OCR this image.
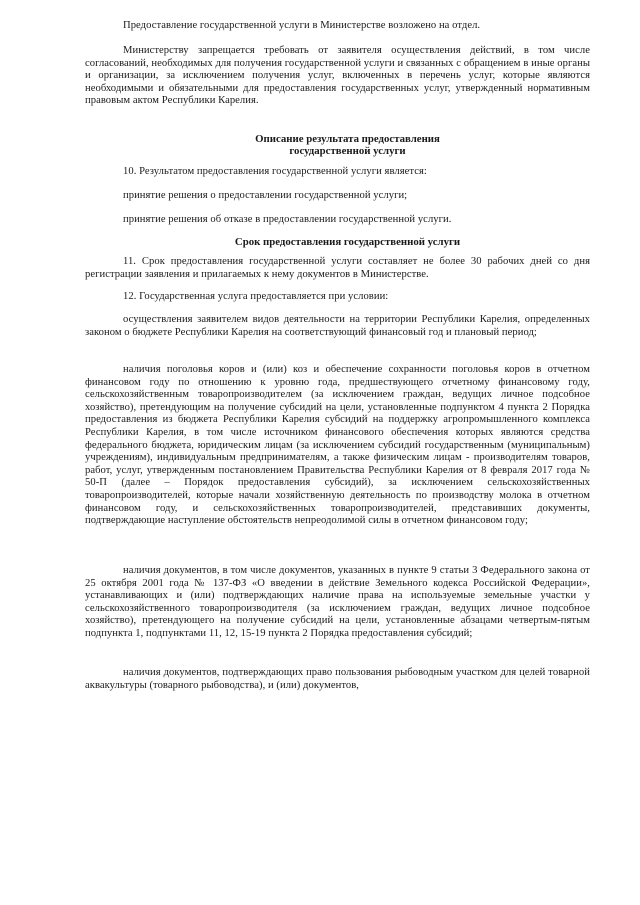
Предоставление государственной услуги в Министерстве возложено на отдел.

Министерству запрещается требовать от заявителя осуществления действий, в том числе согласований, необходимых для получения государственной услуги и связанных с обращением в иные органы и организации, за исключением получения услуг, включенных в перечень услуг, которые являются необходимыми и обязательными для предоставления государственных услуг, утвержденный нормативным правовым актом Республики Карелия.

Описание результата предоставления

государственной услуги

10. Результатом предоставления государственной услуги является:

принятие решения о предоставлении государственной услуги;

принятие решения об отказе в предоставлении государственной услуги.

Срок предоставления государственной услуги

11. Срок предоставления государственной услуги составляет не более 30 рабочих дней со дня регистрации заявления и прилагаемых к нему документов в Министерстве.

12. Государственная услуга предоставляется при условии:

осуществления заявителем видов деятельности на территории Республики Карелия, определенных законом о бюджете Республики Карелия на соответствующий финансовый год и плановый период;

наличия поголовья коров и (или) коз и обеспечение сохранности поголовья коров в отчетном финансовом году по отношению к уровню года, предшествующего отчетному финансовому году, сельскохозяйственным товаропроизводителем (за исключением граждан, ведущих личное подсобное хозяйство), претендующим на получение субсидий на цели, установленные подпунктом 4 пункта 2 Порядка предоставления из бюджета Республики Карелия субсидий на поддержку агропромышленного комплекса Республики Карелия, в том числе источником финансового обеспечения которых являются средства федерального бюджета, юридическим лицам (за исключением субсидий государственным (муниципальным) учреждениям), индивидуальным предпринимателям, а также физическим лицам - производителям товаров, работ, услуг, утвержденным постановлением Правительства Республики Карелия от 8 февраля 2017 года № 50-П (далее – Порядок предоставления субсидий), за исключением сельскохозяйственных товаропроизводителей, которые начали хозяйственную деятельность по производству молока в отчетном финансовом году, и сельскохозяйственных товаропроизводителей, представивших документы, подтверждающие наступление обстоятельств непреодолимой силы в отчетном финансовом году;

наличия документов, в том числе документов, указанных в пункте 9 статьи 3 Федерального закона от 25 октября 2001 года № 137-ФЗ «О введении в действие Земельного кодекса Российской Федерации», устанавливающих и (или) подтверждающих наличие права на используемые земельные участки у сельскохозяйственного товаропроизводителя (за исключением граждан, ведущих личное подсобное хозяйство), претендующего на получение субсидий на цели, установленные абзацами четвертым-пятым подпункта 1, подпунктами 11, 12, 15-19 пункта 2 Порядка предоставления субсидий;

наличия документов, подтверждающих право пользования рыбоводным участком для целей товарной аквакультуры (товарного рыбоводства), и (или) документов,
